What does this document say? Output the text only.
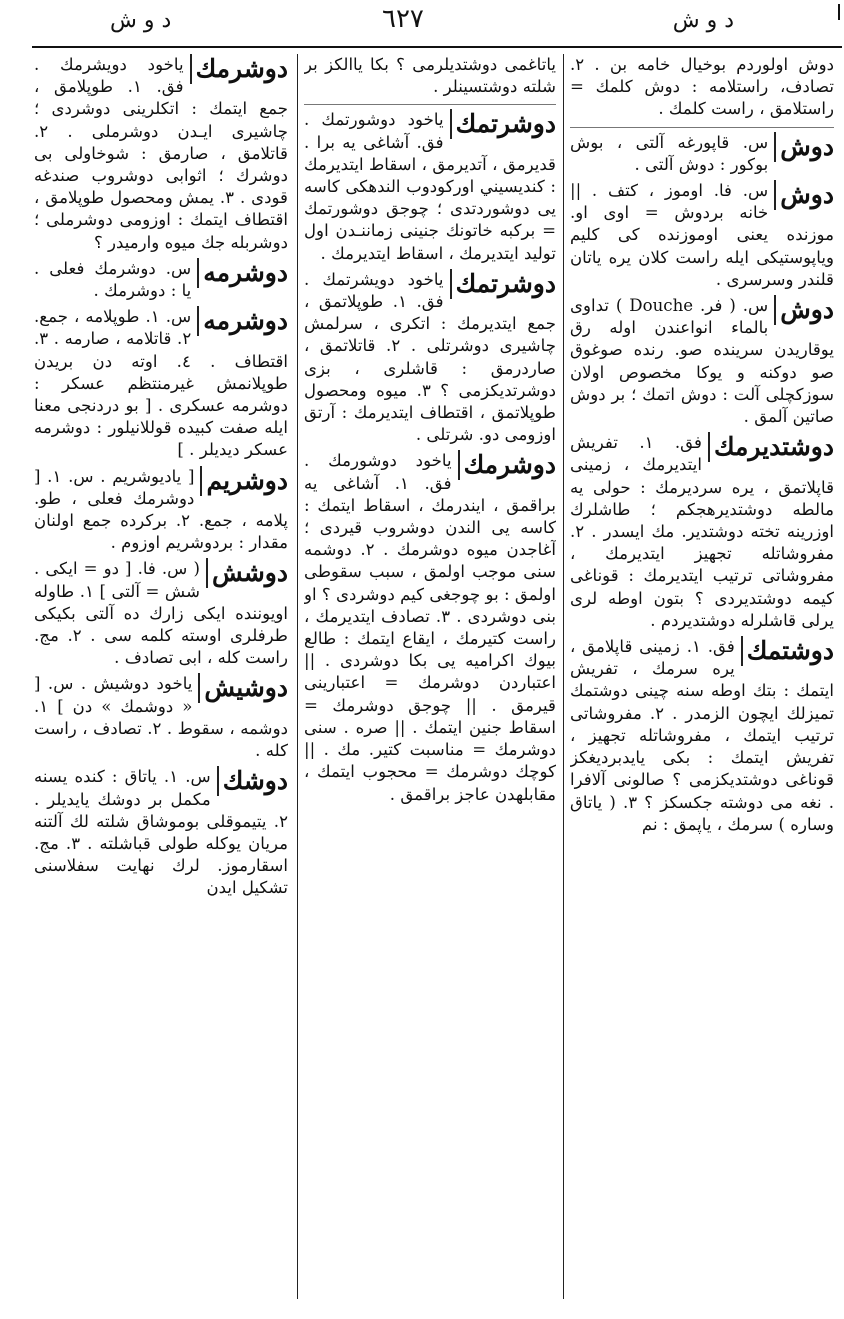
د و ش
٦٢٧
د و ش
دوش اولوردم بوخيال خامه بن . ٢. تصادف، راستلامه : دوش كلمك = راستلامق ، راست كلمك .
دوش
س. قاپورغه آلتى ، بوش بوكور : دوش آلتى .
دوش
س. فا. اوموز ، كتف . || خانه بردوش = اوى او. موزنده يعنى اوموزنده كى كليم وياپوستيكى ايله راست كلان يره ياتان قلندر وسرسرى .
دوش
س. ( فر. Douche ) تداوى بالماء انواعندن اوله رق يوقاريدن سرينده صو. رنده صوغوق صو دوكنه و يوكا مخصوص اولان سوزكچلى آلت : دوش اتمك ؛ بر دوش صاتين آلمق .
دوشتديرمك
فق. ١. تفريش ايتديرمك ، زمينى قاپلاتمق ، يره سرديرمك : حولى يه مالطه دوشتديرهجكم ؛ طاشلرك اوزرينه تخته دوشتدير. مك ايسدر . ٢. مفروشاتله تجهيز ايتديرمك ، مفروشاتى ترتيب ايتديرمك : قوناغى كيمه دوشتديردى ؟ بتون اوطه لرى يرلى قاشلرله دوشتديردم .
دوشتمك
فق. ١. زمينى قاپلامق ، يره سرمك ، تفريش ايتمك : بتك اوطه سنه چينى دوشتمك تميزلك ايچون الزمدر . ٢. مفروشاتى ترتيب ايتمك ، مفروشاتله تجهيز ، تفريش ايتمك : بكى يايدبرديغكز قوناغى دوشتديكزمى ؟ صالونى آلافرا . نغه مى دوشته جكسكز ؟ ٣. ( ياتاق وساره ) سرمك ، ياپمق : نم
ياتاغمى دوشتديلرمى ؟ بكا ياالكز بر شلته دوشتسينلر .
دوشرتمك
ياخود دوشورتمك . فق. آشاغى يه برا . قديرمق ، آتديرمق ، اسقاط ايتديرمك : كنديسيني اوركودوب الندهكى كاسه يى دوشوردتدى ؛ چوجق دوشورتمك = بركبه خاتونك جنينى زماننـدن اول توليد ايتديرمك ، اسقاط ايتديرمك .
دوشرتمك
ياخود دويشرتمك . فق. ١. طوپلاتمق ، جمع ايتديرمك : اتكرى ، سرلمش چاشيرى دوشرتلى . ٢. قاتلاتمق ، صاردرمق : قاشلرى ، بزى دوشرتديكزمى ؟ ٣. ميوه ومحصول طوپلاتمق ، اقتطاف ايتديرمك : آرتق اوزومى دو. شرتلى .
دوشرمك
ياخود دوشورمك . فق. ١. آشاغى يه براقمق ، ايندرمك ، اسقاط ايتمك : كاسه يى الندن دوشروب قيردى ؛ آغاجدن ميوه دوشرمك . ٢. دوشمه سنى موجب اولمق ، سبب سقوطى اولمق : بو چوجغى كيم دوشردى ؟ او بنى دوشردى . ٣. تصادف ايتديرمك ، راست كتيرمك ، ايقاع ايتمك : طالع بيوك اكراميه يى بكا دوشردى . || اعتباردن دوشرمك = اعتبارينى قيرمق . || چوجق دوشرمك = اسقاط جنين ايتمك . || صره . سنى دوشرمك = مناسبت كتير. مك . || كوچك دوشرمك = محجوب ايتمك ، مقابلهدن عاجز براقمق .
دوشرمك
ياخود دويشرمك . فق. ١. طوپلامق ، جمع ايتمك : اتكلرينى دوشردى ؛ چاشيرى ايـدن دوشرملى . ٢. قاتلامق ، صارمق : شوخاولى بى دوشرك ؛ اثوابى دوشروب صندغه قودى . ٣. يمش ومحصول طوپلامق ، اقتطاف ايتمك : اوزومى دوشرملى ؛ دوشربله جك ميوه وارميدر ؟
دوشرمه
س. دوشرمك فعلى . يا : دوشرمك .
دوشرمه
س. ١. طوپلامه ، جمع. ٢. قاتلامه ، صارمه . ٣. اقتطاف . ٤. اوته دن بريدن طوپلانمش غيرمنتظم عسكر : دوشرمه عسكرى . [ بو دردنجى معنا ايله صفت كبيده قوللانيلور : دوشرمه عسكر ديديلر . ]
دوشريم
[ ياديوشريم . س. ١. [ دوشرمك فعلى ، طو. پلامه ، جمع. ٢. بركرده جمع اولنان مقدار : بردوشريم اوزوم .
دوشش
( س. فا. [ دو = ايكى . شش = آلتى ] ١. طاوله اويوننده ايكى زارك ده آلتى بكيكى طرفلرى اوسته كلمه سى . ٢. مج. راست كله ، ابى تصادف .
دوشيش
ياخود دوشيش . س. [ « دوشمك » دن ] ١. دوشمه ، سقوط . ٢. تصادف ، راست كله .
دوشك
س. ١. ياتاق : كنده يسنه مكمل بر دوشك يايديلر . ٢. يتيموقلى بوموشاق شلته لك آلتنه مريان يوكله طولى قباشلته . ٣. مج. اسقارموز. لرك نهايت سفلاسنى تشكيل ايدن
